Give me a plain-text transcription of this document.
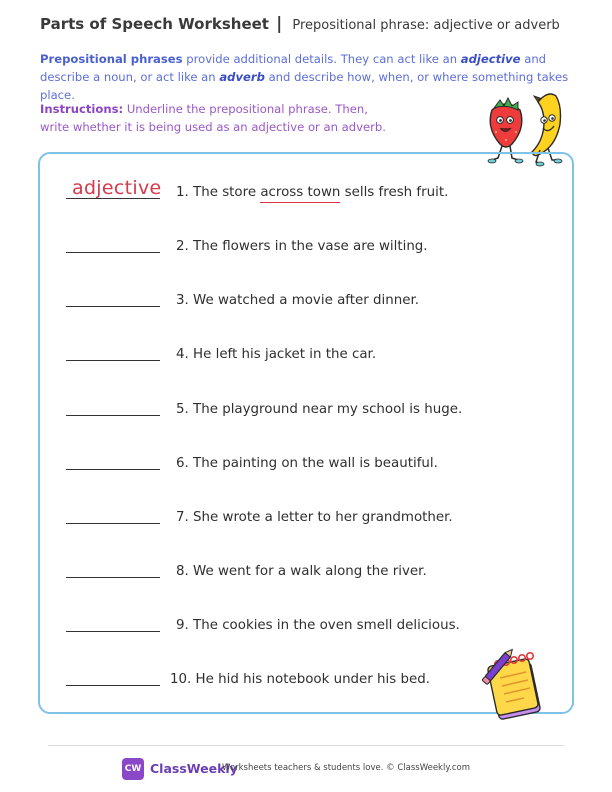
Parts of Speech Worksheet | Prepositional phrase: adjective or adverb
Prepositional phrases provide additional details. They can act like an adjective and describe a noun, or act like an adverb and describe how, when, or where something takes place.
Instructions: Underline the prepositional phrase. Then,
write whether it is being used as an adjective or an adverb.
adjective 1. The store across town sells fresh fruit.
2. The flowers in the vase are wilting.
3. We watched a movie after dinner.
4. He left his jacket in the car.
5. The playground near my school is huge.
6. The painting on the wall is beautiful.
7. She wrote a letter to her grandmother.
8. We went for a walk along the river.
9. The cookies in the oven smell delicious.
10. He hid his notebook under his bed.
CW ClassWeekly
Worksheets teachers & students love. © ClassWeekly.com
